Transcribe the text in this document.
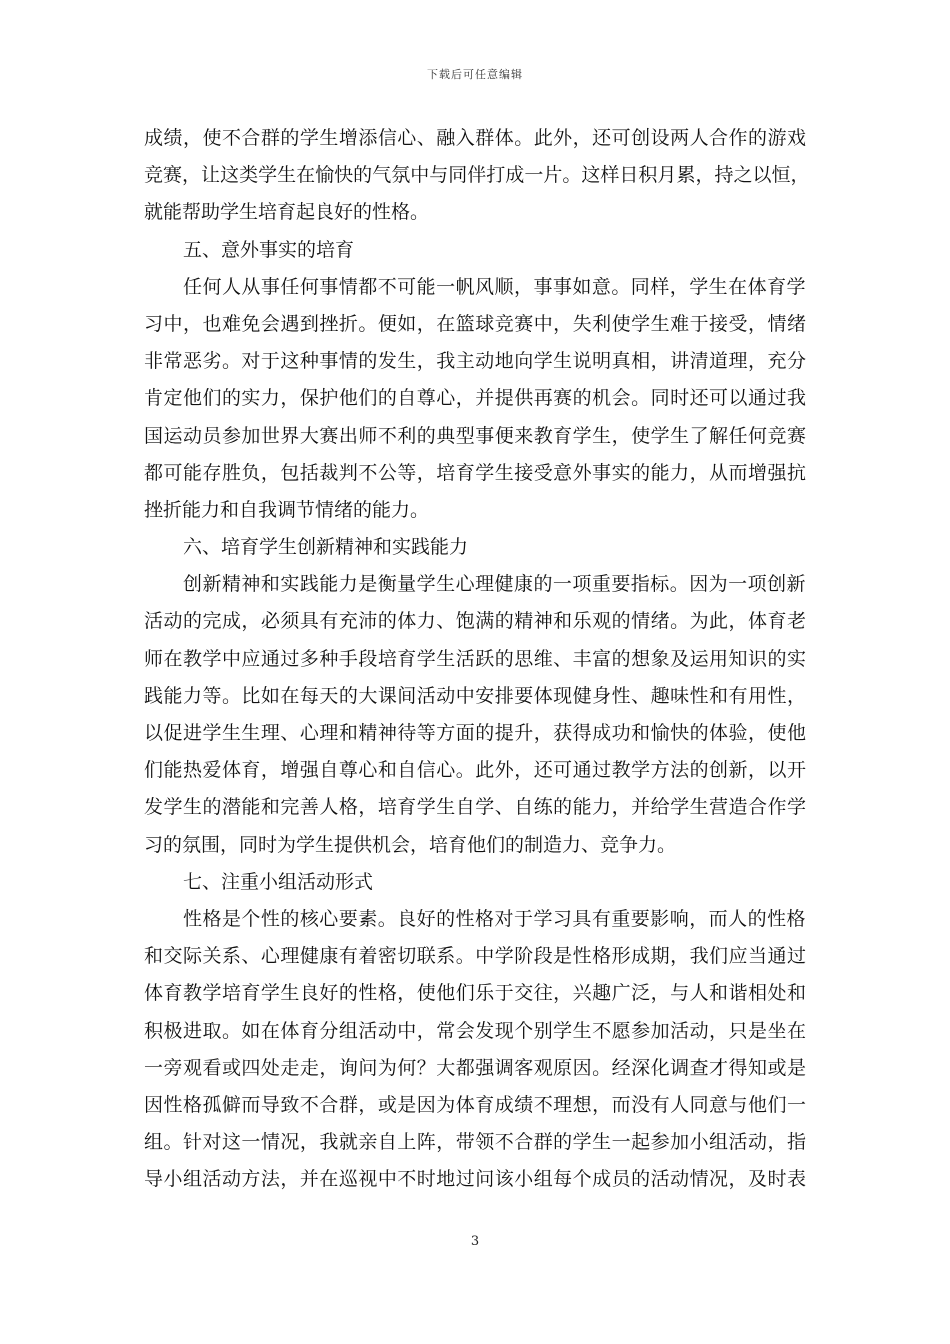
下载后可任意编辑
成 绩 ， 使 不 合 群 的 学 生 增 添 信 心 、 融 入 群 体 。 此 外 ， 还 可 创 设 两 人 合 作 的 游 戏
竞 赛 ， 让 这 类 学 生 在 愉 快 的 气 氛 中 与 同 伴 打 成 一 片 。 这 样 日 积 月 累 ， 持 之 以 恒 ，
就能帮助学生培育起良好的性格。
五、意外事实的培育
任 何 人 从 事 任 何 事 情 都 不 可 能 一 帆 风 顺 ， 事 事 如 意 。 同 样 ， 学 生 在 体 育 学
习 中 ， 也 难 免 会 遇 到 挫 折 。 便 如 ， 在 篮 球 竞 赛 中 ， 失 利 使 学 生 难 于 接 受 ， 情 绪
非 常 恶 劣 。 对 于 这 种 事 情 的 发 生 ， 我 主 动 地 向 学 生 说 明 真 相 ， 讲 清 道 理 ， 充 分
肯 定 他 们 的 实 力 ， 保 护 他 们 的 自 尊 心 ， 并 提 供 再 赛 的 机 会 。 同 时 还 可 以 通 过 我
国 运 动 员 参 加 世 界 大 赛 出 师 不 利 的 典 型 事 便 来 教 育 学 生 ， 使 学 生 了 解 任 何 竞 赛
都 可 能 存 胜 负 ， 包 括 裁 判 不 公 等 ， 培 育 学 生 接 受 意 外 事 实 的 能 力 ， 从 而 增 强 抗
挫折能力和自我调节情绪的能力。
六、培育学生创新精神和实践能力
创 新 精 神 和 实 践 能 力 是 衡 量 学 生 心 理 健 康 的 一 项 重 要 指 标 。 因 为 一 项 创 新
活 动 的 完 成 ， 必 须 具 有 充 沛 的 体 力 、 饱 满 的 精 神 和 乐 观 的 情 绪 。 为 此 ， 体 育 老
师 在 教 学 中 应 通 过 多 种 手 段 培 育 学 生 活 跃 的 思 维 、 丰 富 的 想 象 及 运 用 知 识 的 实
践 能 力 等 。 比 如 在 每 天 的 大 课 间 活 动 中 安 排 要 体 现 健 身 性 、 趣 味 性 和 有 用 性 ，
以 促 进 学 生 生 理 、 心 理 和 精 神 待 等 方 面 的 提 升 ， 获 得 成 功 和 愉 快 的 体 验 ， 使 他
们 能 热 爱 体 育 ， 增 强 自 尊 心 和 自 信 心 。 此 外 ， 还 可 通 过 教 学 方 法 的 创 新 ， 以 开
发 学 生 的 潜 能 和 完 善 人 格 ， 培 育 学 生 自 学 、 自 练 的 能 力 ， 并 给 学 生 营 造 合 作 学
习的氛围，同时为学生提供机会，培育他们的制造力、竞争力。
七、注重小组活动形式
性 格 是 个 性 的 核 心 要 素 。 良 好 的 性 格 对 于 学 习 具 有 重 要 影 响 ， 而 人 的 性 格
和 交 际 关 系 、 心 理 健 康 有 着 密 切 联 系 。 中 学 阶 段 是 性 格 形 成 期 ， 我 们 应 当 通 过
体 育 教 学 培 育 学 生 良 好 的 性 格 ， 使 他 们 乐 于 交 往 ， 兴 趣 广 泛 ， 与 人 和 谐 相 处 和
积 极 进 取 。 如 在 体 育 分 组 活 动 中 ， 常 会 发 现 个 别 学 生 不 愿 参 加 活 动 ， 只 是 坐 在
一 旁 观 看 或 四 处 走 走 ， 询 问 为 何 ？ 大 都 强 调 客 观 原 因 。 经 深 化 调 查 才 得 知 或 是
因 性 格 孤 僻 而 导 致 不 合 群 ， 或 是 因 为 体 育 成 绩 不 理 想 ， 而 没 有 人 同 意 与 他 们 一
组 。 针 对 这 一 情 况 ， 我 就 亲 自 上 阵 ， 带 领 不 合 群 的 学 生 一 起 参 加 小 组 活 动 ， 指
导 小 组 活 动 方 法 ， 并 在 巡 视 中 不 时 地 过 问 该 小 组 每 个 成 员 的 活 动 情 况 ， 及 时 表
3
